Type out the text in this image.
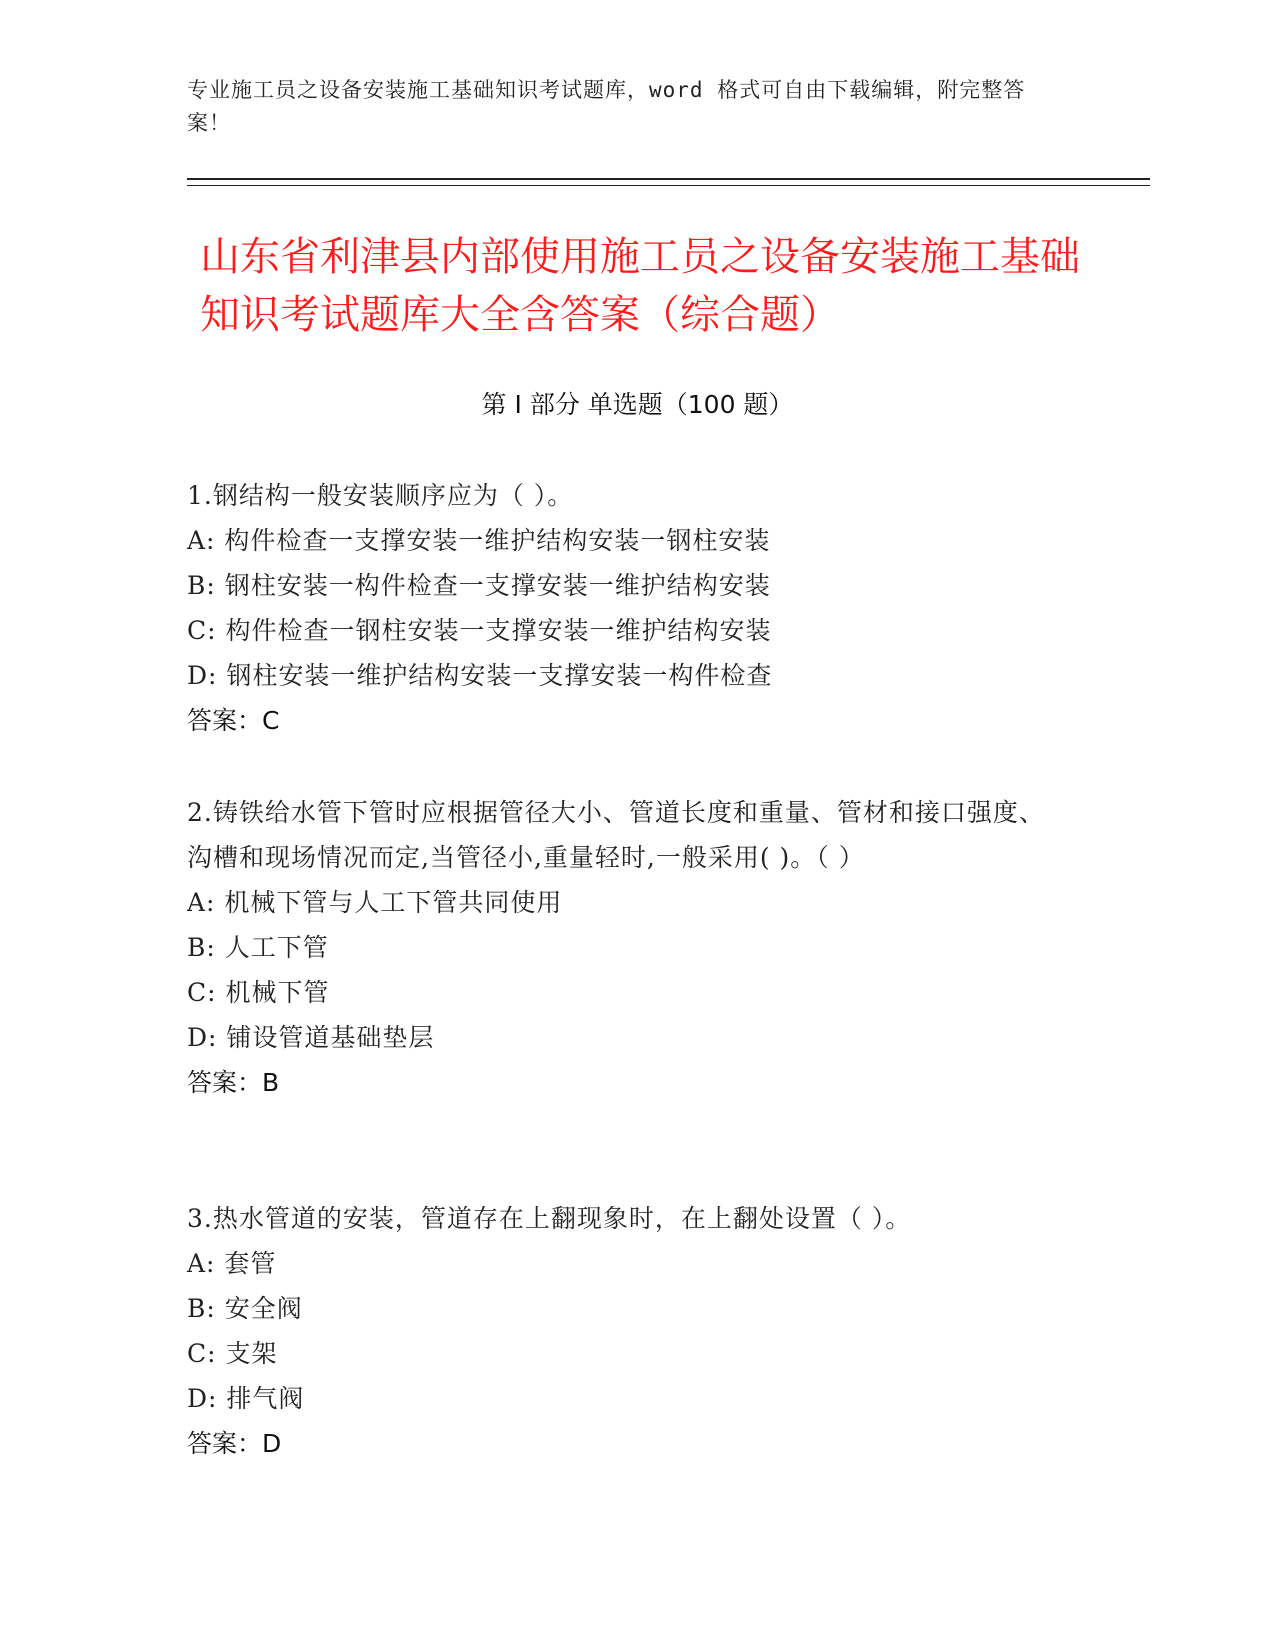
专业施工员之设备安装施工基础知识考试题库，word 格式可自由下载编辑，附完整答案！
山东省利津县内部使用施工员之设备安装施工基础知识考试题库大全含答案（综合题）
第 I 部分 单选题（100 题）
1.钢结构一般安装顺序应为（ ）。
A: 构件检查一支撑安装一维护结构安装一钢柱安装
B: 钢柱安装一构件检查一支撑安装一维护结构安装
C: 构件检查一钢柱安装一支撑安装一维护结构安装
D: 钢柱安装一维护结构安装一支撑安装一构件检查
答案：C
2.铸铁给水管下管时应根据管径大小、管道长度和重量、管材和接口强度、沟槽和现场情况而定,当管径小,重量轻时,一般采用( )。（ ）
A: 机械下管与人工下管共同使用
B: 人工下管
C: 机械下管
D: 铺设管道基础垫层
答案：B
3.热水管道的安装，管道存在上翻现象时，在上翻处设置（ ）。
A: 套管
B: 安全阀
C: 支架
D: 排气阀
答案：D
